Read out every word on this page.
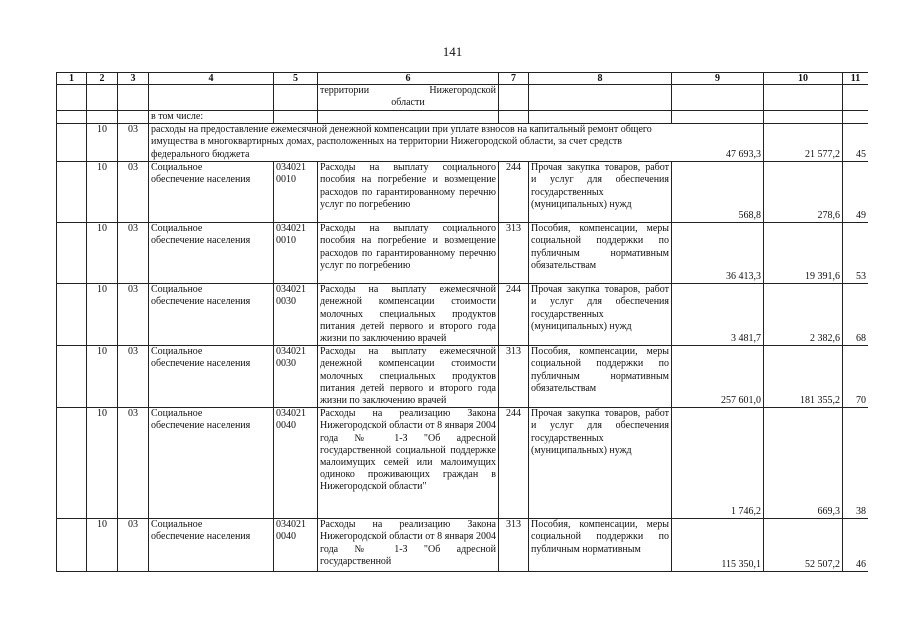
141
1	2	3	4	5	6	7	8	9	10	11

					территории Нижегородской
области					

			в том числе:							
	10	03	расходы на предоставление ежемесячной денежной компенсации при уплате взносов на капитальный ремонт общего имущества в многоквартирных домах, расположенных на территории Нижегородской области, за счет средств федерального бюджета					47 693,3	21 577,2	45
	10	03	Социальное
обеспечение населения	034021
0010	Расходы на выплату социального пособия на погребение и возмещение расходов по гарантированному перечню услуг по погребению	244	Прочая закупка товаров, работ и услуг для обеспечения государственных (муниципальных) нужд	568,8	278,6	49
	10	03	Социальное
обеспечение населения	034021
0010	Расходы на выплату социального пособия на погребение и возмещение расходов по гарантированному перечню услуг по погребению	313	Пособия, компенсации, меры социальной поддержки по публичным нормативным обязательствам	36 413,3	19 391,6	53
	10	03	Социальное
обеспечение населения	034021
0030	Расходы на выплату ежемесячной денежной компенсации стоимости молочных специальных продуктов питания детей первого и второго года жизни по заключению врачей	244	Прочая закупка товаров, работ и услуг для обеспечения государственных (муниципальных) нужд	3 481,7	2 382,6	68
	10	03	Социальное
обеспечение населения	034021
0030	Расходы на выплату ежемесячной денежной компенсации стоимости молочных специальных продуктов питания детей первого и второго года жизни по заключению врачей	313	Пособия, компенсации, меры социальной поддержки по публичным нормативным обязательствам	257 601,0	181 355,2	70
	10	03	Социальное
обеспечение населения	034021
0040	Расходы на реализацию Закона Нижегородской области от 8 января 2004 года № 1-З "Об адресной государственной социальной поддержке малоимущих семей или малоимущих одиноко проживающих граждан в Нижегородской области"	244	Прочая закупка товаров, работ и услуг для обеспечения государственных (муниципальных) нужд	1 746,2	669,3	38
	10	03	Социальное
обеспечение населения	034021
0040	Расходы на реализацию Закона Нижегородской области от 8 января 2004 года № 1-З "Об адресной государственной	313	Пособия, компенсации, меры социальной поддержки по публичным нормативным	115 350,1	52 507,2	46
